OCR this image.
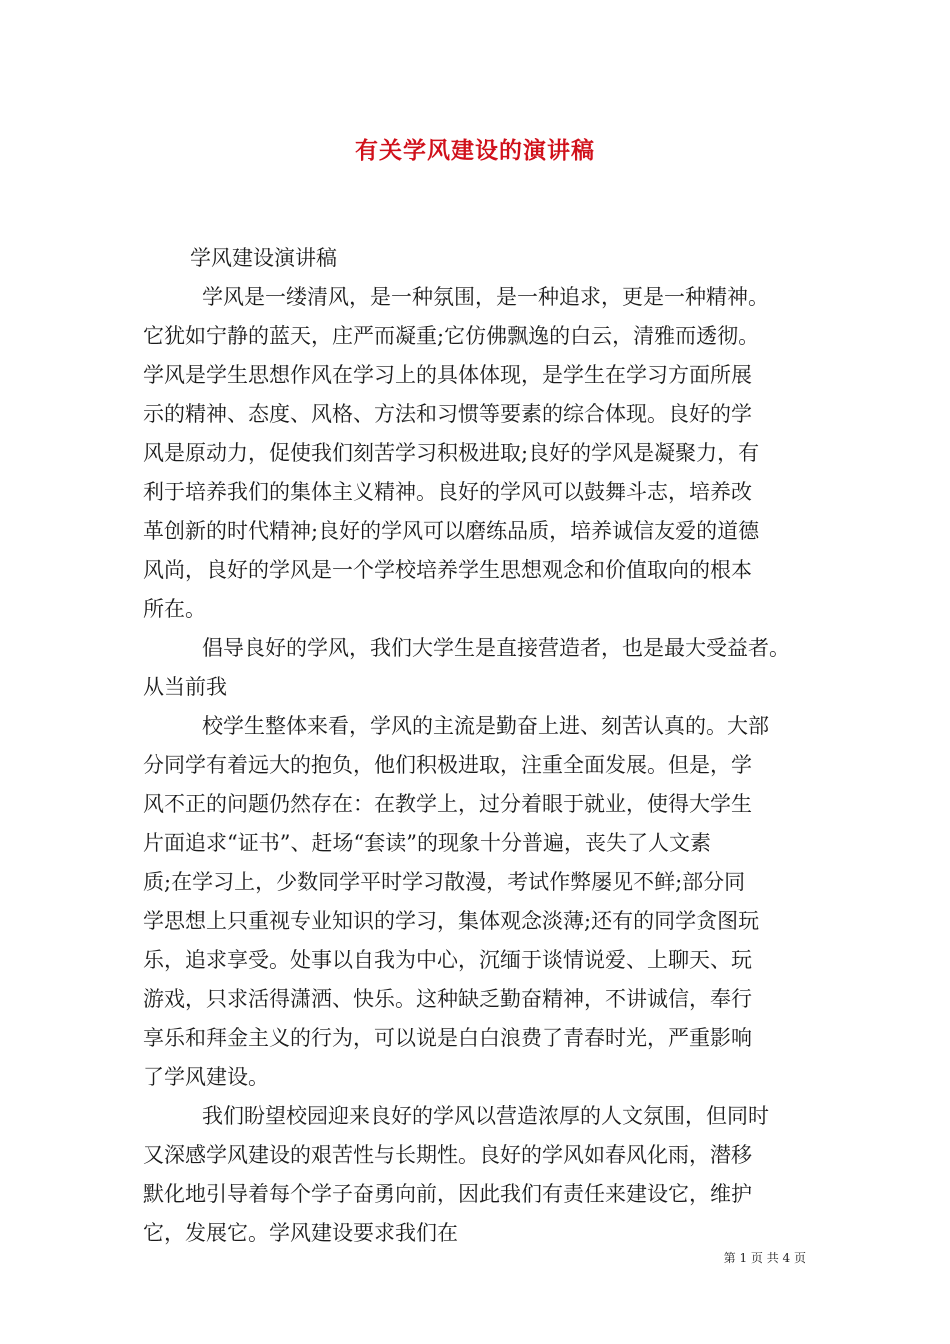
有关学风建设的演讲稿
学风建设演讲稿
学风是一缕清风，是一种氛围，是一种追求，更是一种精神。
它犹如宁静的蓝天，庄严而凝重;它仿佛飘逸的白云，清雅而透彻。
学风是学生思想作风在学习上的具体体现，是学生在学习方面所展
示的精神、态度、风格、方法和习惯等要素的综合体现。良好的学
风是原动力，促使我们刻苦学习积极进取;良好的学风是凝聚力，有
利于培养我们的集体主义精神。良好的学风可以鼓舞斗志，培养改
革创新的时代精神;良好的学风可以磨练品质，培养诚信友爱的道德
风尚，良好的学风是一个学校培养学生思想观念和价值取向的根本
所在。
倡导良好的学风，我们大学生是直接营造者，也是最大受益者。
从当前我
校学生整体来看，学风的主流是勤奋上进、刻苦认真的。大部
分同学有着远大的抱负，他们积极进取，注重全面发展。但是，学
风不正的问题仍然存在：在教学上，过分着眼于就业，使得大学生
片面追求“证书”、赶场“套读”的现象十分普遍，丧失了人文素
质;在学习上，少数同学平时学习散漫，考试作弊屡见不鲜;部分同
学思想上只重视专业知识的学习，集体观念淡薄;还有的同学贪图玩
乐，追求享受。处事以自我为中心，沉缅于谈情说爱、上聊天、玩
游戏，只求活得潇洒、快乐。这种缺乏勤奋精神，不讲诚信，奉行
享乐和拜金主义的行为，可以说是白白浪费了青春时光，严重影响
了学风建设。
我们盼望校园迎来良好的学风以营造浓厚的人文氛围，但同时
又深感学风建设的艰苦性与长期性。良好的学风如春风化雨，潜移
默化地引导着每个学子奋勇向前，因此我们有责任来建设它，维护
它，发展它。学风建设要求我们在
第 1 页 共 4 页
